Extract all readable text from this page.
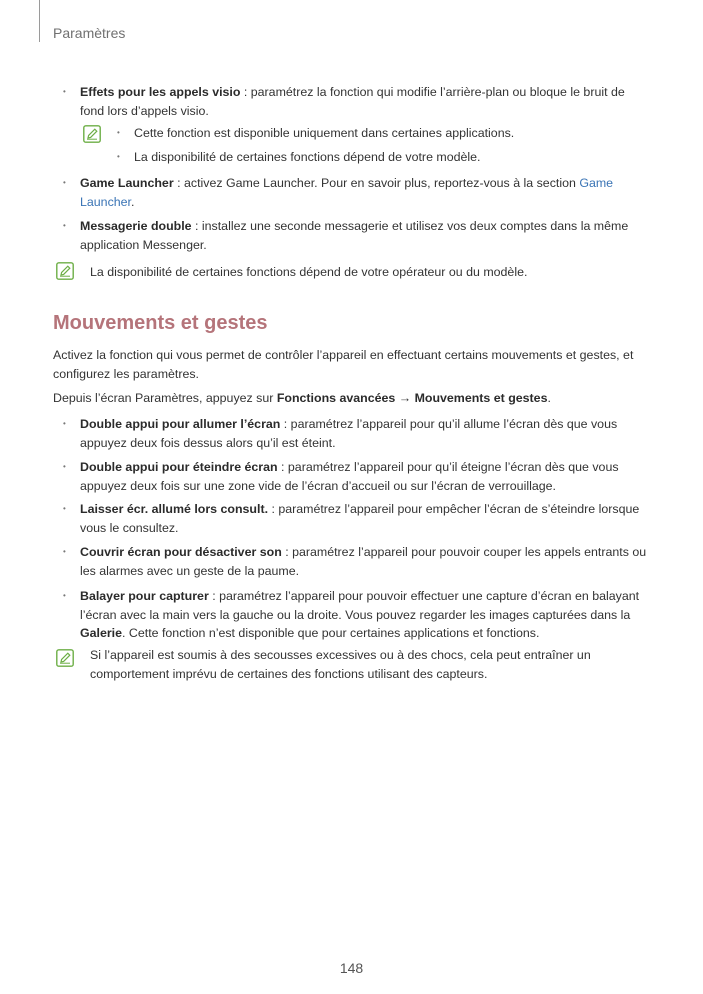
Paramètres
• Effets pour les appels visio : paramétrez la fonction qui modifie l’arrière-plan ou bloque le bruit de fond lors d’appels visio.
• Cette fonction est disponible uniquement dans certaines applications.
• La disponibilité de certaines fonctions dépend de votre modèle.
• Game Launcher : activez Game Launcher. Pour en savoir plus, reportez-vous à la section Game Launcher.
• Messagerie double : installez une seconde messagerie et utilisez vos deux comptes dans la même application Messenger.
La disponibilité de certaines fonctions dépend de votre opérateur ou du modèle.
Mouvements et gestes
Activez la fonction qui vous permet de contrôler l’appareil en effectuant certains mouvements et gestes, et configurez les paramètres.
Depuis l’écran Paramètres, appuyez sur Fonctions avancées → Mouvements et gestes.
• Double appui pour allumer l’écran : paramétrez l’appareil pour qu’il allume l’écran dès que vous appuyez deux fois dessus alors qu’il est éteint.
• Double appui pour éteindre écran : paramétrez l’appareil pour qu’il éteigne l’écran dès que vous appuyez deux fois sur une zone vide de l’écran d’accueil ou sur l’écran de verrouillage.
• Laisser écr. allumé lors consult. : paramétrez l’appareil pour empêcher l’écran de s’éteindre lorsque vous le consultez.
• Couvrir écran pour désactiver son : paramétrez l’appareil pour pouvoir couper les appels entrants ou les alarmes avec un geste de la paume.
• Balayer pour capturer : paramétrez l’appareil pour pouvoir effectuer une capture d’écran en balayant l’écran avec la main vers la gauche ou la droite. Vous pouvez regarder les images capturées dans la Galerie. Cette fonction n’est disponible que pour certaines applications et fonctions.
Si l’appareil est soumis à des secousses excessives ou à des chocs, cela peut entraîner un comportement imprévu de certaines des fonctions utilisant des capteurs.
148
